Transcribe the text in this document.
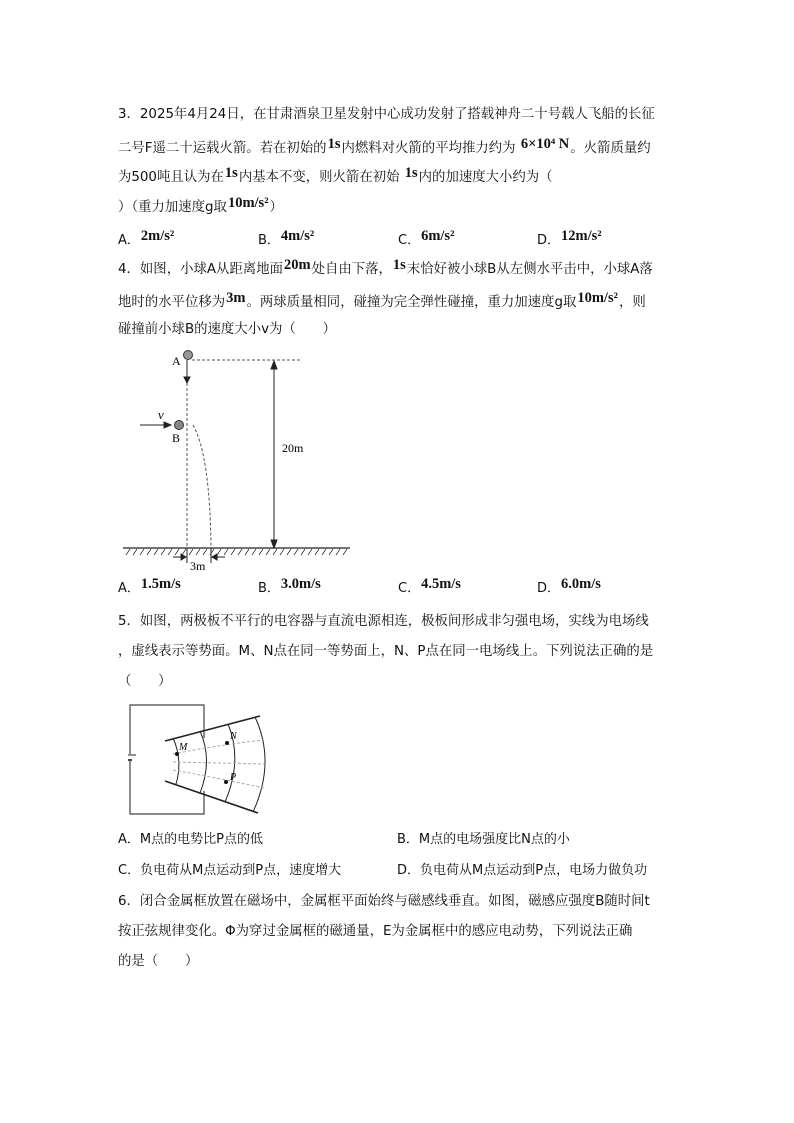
3．2025年4月24日，在甘肃酒泉卫星发射中心成功发射了搭载神舟二十号载人飞船的长征
二号F遥二十运载火箭。若在初始的1s内燃料对火箭的平均推力约为 6×10⁴ N。火箭质量约
为500吨且认为在1s内基本不变，则火箭在初始 1s内的加速度大小约为（
）（重力加速度g取10m/s²）
A．2m/s²	B．4m/s²	C．6m/s²	D．12m/s²
4．如图，小球A从距离地面20m处自由下落，1s末恰好被小球B从左侧水平击中，小球A落
地时的水平位移为3m。两球质量相同，碰撞为完全弹性碰撞，重力加速度g取10m/s²，则
碰撞前小球B的速度大小v为（　　）
A．1.5m/s	B．3.0m/s	C．4.5m/s	D．6.0m/s
5．如图，两极板不平行的电容器与直流电源相连，极板间形成非匀强电场，实线为电场线
，虚线表示等势面。M、N点在同一等势面上，N、P点在同一电场线上。下列说法正确的是
（　　）
A．M点的电势比P点的低	B．M点的电场强度比N点的小
C．负电荷从M点运动到P点，速度增大	D．负电荷从M点运动到P点，电场力做负功
6．闭合金属框放置在磁场中，金属框平面始终与磁感线垂直。如图，磁感应强度B随时间t
按正弦规律变化。Φ为穿过金属框的磁通量，E为金属框中的感应电动势，下列说法正确
的是（　　）
A
B
v
20m
3m
M
N
P
